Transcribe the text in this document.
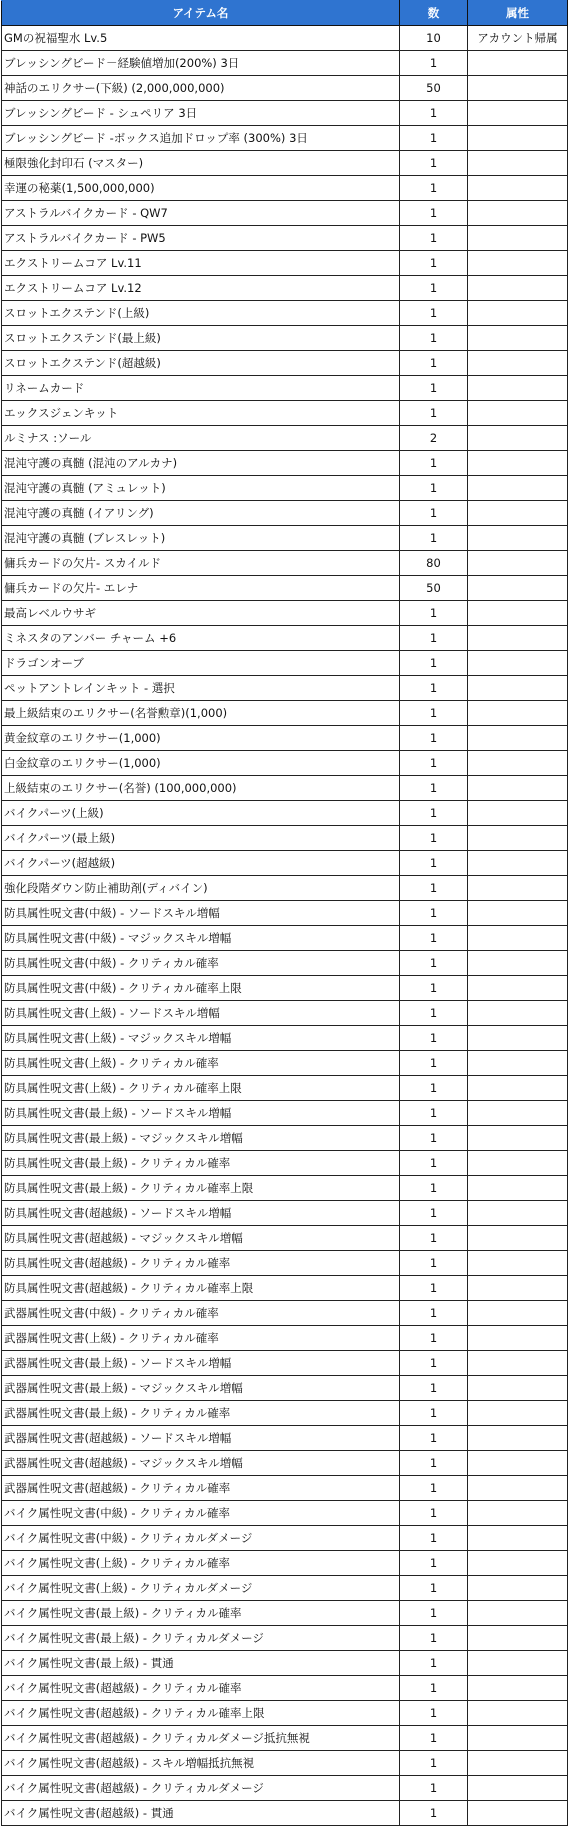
アイテム名	数	属性
GMの祝福聖水 Lv.5	10	アカウント帰属
ブレッシングビード－経験値増加(200%) 3日	1	
神話のエリクサー(下級) (2,000,000,000)	50	
ブレッシングビード - シュペリア 3日	1	
ブレッシングビード -ボックス追加ドロップ率 (300%) 3日	1	
極限強化封印石 (マスター)	1	
幸運の秘薬(1,500,000,000)	1	
アストラルバイクカード - QW7	1	
アストラルバイクカード - PW5	1	
エクストリームコア Lv.11	1	
エクストリームコア Lv.12	1	
スロットエクステンド(上級)	1	
スロットエクステンド(最上級)	1	
スロットエクステンド(超越級)	1	
リネームカード	1	
エックスジェンキット	1	
ルミナス :ソール	2	
混沌守護の真髄 (混沌のアルカナ)	1	
混沌守護の真髄 (アミュレット)	1	
混沌守護の真髄 (イアリング)	1	
混沌守護の真髄 (ブレスレット)	1	
傭兵カードの欠片- スカイルド	80	
傭兵カードの欠片- エレナ	50	
最高レベルウサギ	1	
ミネスタのアンバー チャーム +6	1	
ドラゴンオーブ	1	
ペットアントレインキット - 選択	1	
最上級結束のエリクサー(名誉勲章)(1,000)	1	
黄金紋章のエリクサー(1,000)	1	
白金紋章のエリクサー(1,000)	1	
上級結束のエリクサー(名誉) (100,000,000)	1	
バイクパーツ(上級)	1	
バイクパーツ(最上級)	1	
バイクパーツ(超越級)	1	
強化段階ダウン防止補助剤(ディバイン)	1	
防具属性呪文書(中級) - ソードスキル増幅	1	
防具属性呪文書(中級) - マジックスキル増幅	1	
防具属性呪文書(中級) - クリティカル確率	1	
防具属性呪文書(中級) - クリティカル確率上限	1	
防具属性呪文書(上級) - ソードスキル増幅	1	
防具属性呪文書(上級) - マジックスキル増幅	1	
防具属性呪文書(上級) - クリティカル確率	1	
防具属性呪文書(上級) - クリティカル確率上限	1	
防具属性呪文書(最上級) - ソードスキル増幅	1	
防具属性呪文書(最上級) - マジックスキル増幅	1	
防具属性呪文書(最上級) - クリティカル確率	1	
防具属性呪文書(最上級) - クリティカル確率上限	1	
防具属性呪文書(超越級) - ソードスキル増幅	1	
防具属性呪文書(超越級) - マジックスキル増幅	1	
防具属性呪文書(超越級) - クリティカル確率	1	
防具属性呪文書(超越級) - クリティカル確率上限	1	
武器属性呪文書(中級) - クリティカル確率	1	
武器属性呪文書(上級) - クリティカル確率	1	
武器属性呪文書(最上級) - ソードスキル増幅	1	
武器属性呪文書(最上級) - マジックスキル増幅	1	
武器属性呪文書(最上級) - クリティカル確率	1	
武器属性呪文書(超越級) - ソードスキル増幅	1	
武器属性呪文書(超越級) - マジックスキル増幅	1	
武器属性呪文書(超越級) - クリティカル確率	1	
バイク属性呪文書(中級) - クリティカル確率	1	
バイク属性呪文書(中級) - クリティカルダメージ	1	
バイク属性呪文書(上級) - クリティカル確率	1	
バイク属性呪文書(上級) - クリティカルダメージ	1	
バイク属性呪文書(最上級) - クリティカル確率	1	
バイク属性呪文書(最上級) - クリティカルダメージ	1	
バイク属性呪文書(最上級) - 貫通	1	
バイク属性呪文書(超越級) - クリティカル確率	1	
バイク属性呪文書(超越級) - クリティカル確率上限	1	
バイク属性呪文書(超越級) - クリティカルダメージ抵抗無視	1	
バイク属性呪文書(超越級) - スキル増幅抵抗無視	1	
バイク属性呪文書(超越級) - クリティカルダメージ	1	
バイク属性呪文書(超越級) - 貫通	1	
